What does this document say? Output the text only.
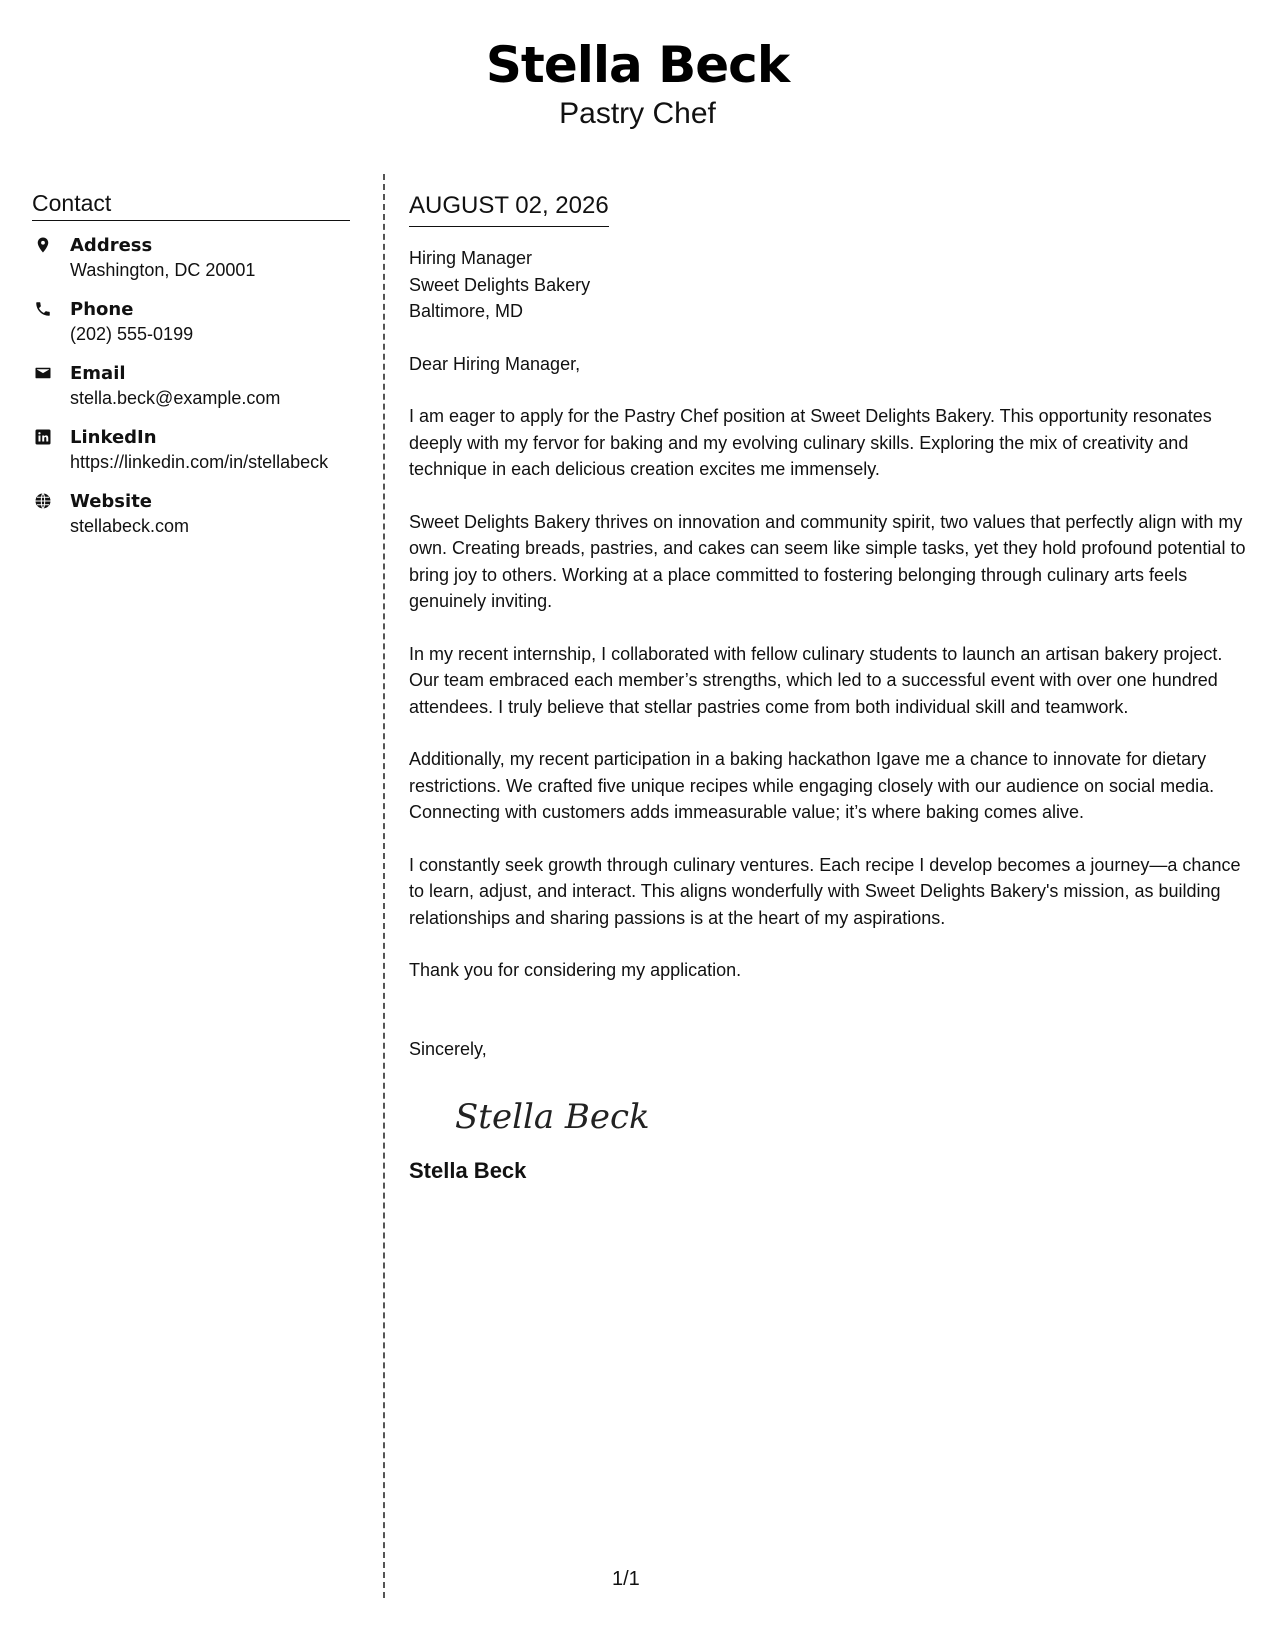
Stella Beck
Pastry Chef
Contact
Address
Washington, DC 20001
Phone
(202) 555-0199
Email
stella.beck@example.com
LinkedIn
https://linkedin.com/in/stellabeck
Website
stellabeck.com
AUGUST 02, 2026
Hiring Manager
Sweet Delights Bakery
Baltimore, MD
Dear Hiring Manager,
I am eager to apply for the Pastry Chef position at Sweet Delights Bakery. This opportunity resonates deeply with my fervor for baking and my evolving culinary skills. Exploring the mix of creativity and technique in each delicious creation excites me immensely.
Sweet Delights Bakery thrives on innovation and community spirit, two values that perfectly align with my own. Creating breads, pastries, and cakes can seem like simple tasks, yet they hold profound potential to bring joy to others. Working at a place committed to fostering belonging through culinary arts feels genuinely inviting.
In my recent internship, I collaborated with fellow culinary students to launch an artisan bakery project. Our team embraced each member’s strengths, which led to a successful event with over one hundred attendees. I truly believe that stellar pastries come from both individual skill and teamwork.
Additionally, my recent participation in a baking hackathon Igave me a chance to innovate for dietary restrictions. We crafted five unique recipes while engaging closely with our audience on social media. Connecting with customers adds immeasurable value; it’s where baking comes alive.
I constantly seek growth through culinary ventures. Each recipe I develop becomes a journey—a chance to learn, adjust, and interact. This aligns wonderfully with Sweet Delights Bakery's mission, as building relationships and sharing passions is at the heart of my aspirations.
Thank you for considering my application.
Sincerely,
Stella Beck
Stella Beck
1/1
